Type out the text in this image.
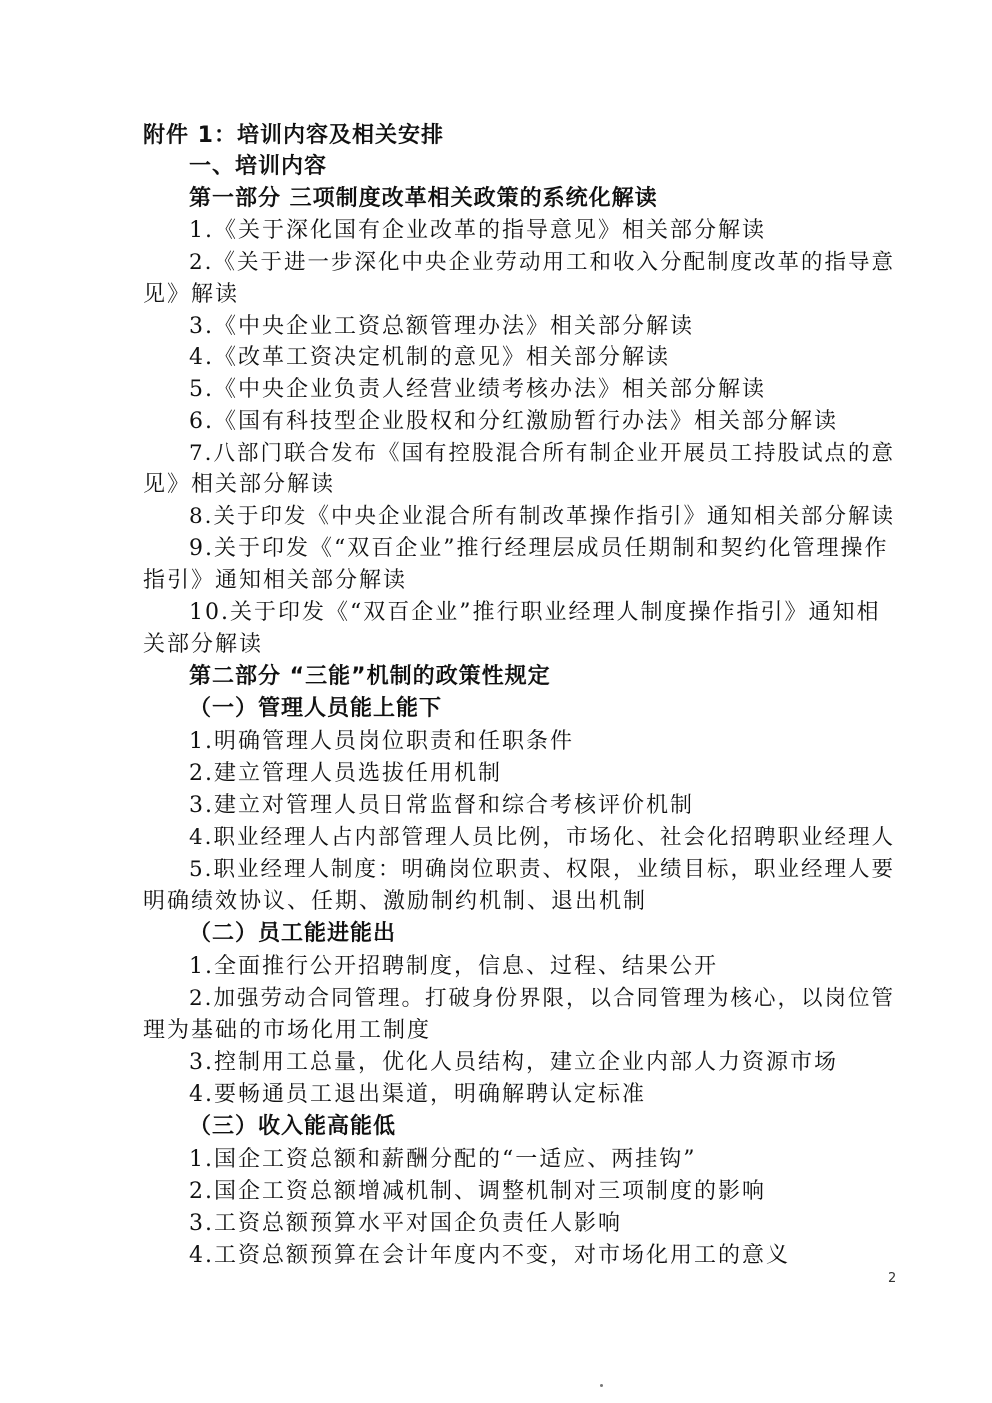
附件 1：培训内容及相关安排
一、培训内容
第一部分 三项制度改革相关政策的系统化解读
1.《关于深化国有企业改革的指导意见》相关部分解读
2.《关于进一步深化中央企业劳动用工和收入分配制度改革的指导意
见》解读
3.《中央企业工资总额管理办法》相关部分解读
4.《改革工资决定机制的意见》相关部分解读
5.《中央企业负责人经营业绩考核办法》相关部分解读
6.《国有科技型企业股权和分红激励暂行办法》相关部分解读
7.八部门联合发布《国有控股混合所有制企业开展员工持股试点的意
见》相关部分解读
8.关于印发《中央企业混合所有制改革操作指引》通知相关部分解读
9.关于印发《“双百企业”推行经理层成员任期制和契约化管理操作
指引》通知相关部分解读
10.关于印发《“双百企业”推行职业经理人制度操作指引》通知相
关部分解读
第二部分 “三能”机制的政策性规定
（一）管理人员能上能下
1.明确管理人员岗位职责和任职条件
2.建立管理人员选拔任用机制
3.建立对管理人员日常监督和综合考核评价机制
4.职业经理人占内部管理人员比例，市场化、社会化招聘职业经理人
5.职业经理人制度：明确岗位职责、权限，业绩目标，职业经理人要
明确绩效协议、任期、激励制约机制、退出机制
（二）员工能进能出
1.全面推行公开招聘制度，信息、过程、结果公开
2.加强劳动合同管理。打破身份界限，以合同管理为核心，以岗位管
理为基础的市场化用工制度
3.控制用工总量，优化人员结构，建立企业内部人力资源市场
4.要畅通员工退出渠道，明确解聘认定标准
（三）收入能高能低
1.国企工资总额和薪酬分配的“一适应、两挂钩”
2.国企工资总额增减机制、调整机制对三项制度的影响
3.工资总额预算水平对国企负责任人影响
4.工资总额预算在会计年度内不变，对市场化用工的意义
2
